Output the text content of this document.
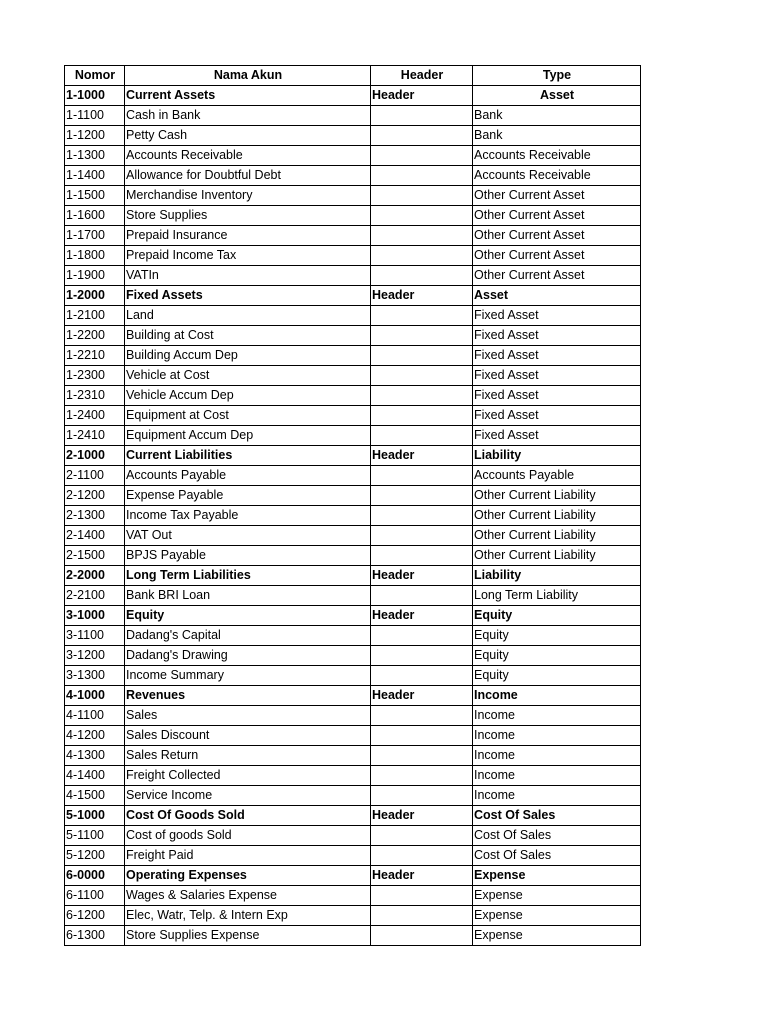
Nomor	Nama Akun	Header	Type
1-1000	Current Assets	Header	Asset
1-1100	Cash in Bank		Bank
1-1200	Petty Cash		Bank
1-1300	Accounts Receivable		Accounts Receivable
1-1400	Allowance for Doubtful Debt		Accounts Receivable
1-1500	Merchandise Inventory		Other Current Asset
1-1600	Store Supplies		Other Current Asset
1-1700	Prepaid Insurance		Other Current Asset
1-1800	Prepaid Income Tax		Other Current Asset
1-1900	VATIn		Other Current Asset
1-2000	Fixed Assets	Header	Asset
1-2100	Land		Fixed Asset
1-2200	Building at Cost		Fixed Asset
1-2210	Building Accum Dep		Fixed Asset
1-2300	Vehicle at Cost		Fixed Asset
1-2310	Vehicle Accum Dep		Fixed Asset
1-2400	Equipment at Cost		Fixed Asset
1-2410	Equipment Accum Dep		Fixed Asset
2-1000	Current Liabilities	Header	Liability
2-1100	Accounts Payable		Accounts Payable
2-1200	Expense Payable		Other Current Liability
2-1300	Income Tax Payable		Other Current Liability
2-1400	VAT Out		Other Current Liability
2-1500	BPJS Payable		Other Current Liability
2-2000	Long Term Liabilities	Header	Liability
2-2100	Bank BRI Loan		Long Term Liability
3-1000	Equity	Header	Equity
3-1100	Dadang's Capital		Equity
3-1200	Dadang's Drawing		Equity
3-1300	Income Summary		Equity
4-1000	Revenues	Header	Income
4-1100	Sales		Income
4-1200	Sales Discount		Income
4-1300	Sales Return		Income
4-1400	Freight Collected		Income
4-1500	Service Income		Income
5-1000	Cost Of Goods Sold	Header	Cost Of Sales
5-1100	Cost of goods Sold		Cost Of Sales
5-1200	Freight Paid		Cost Of Sales
6-0000	Operating Expenses	Header	Expense
6-1100	Wages & Salaries Expense		Expense
6-1200	Elec, Watr, Telp. & Intern Exp		Expense
6-1300	Store Supplies Expense		Expense
